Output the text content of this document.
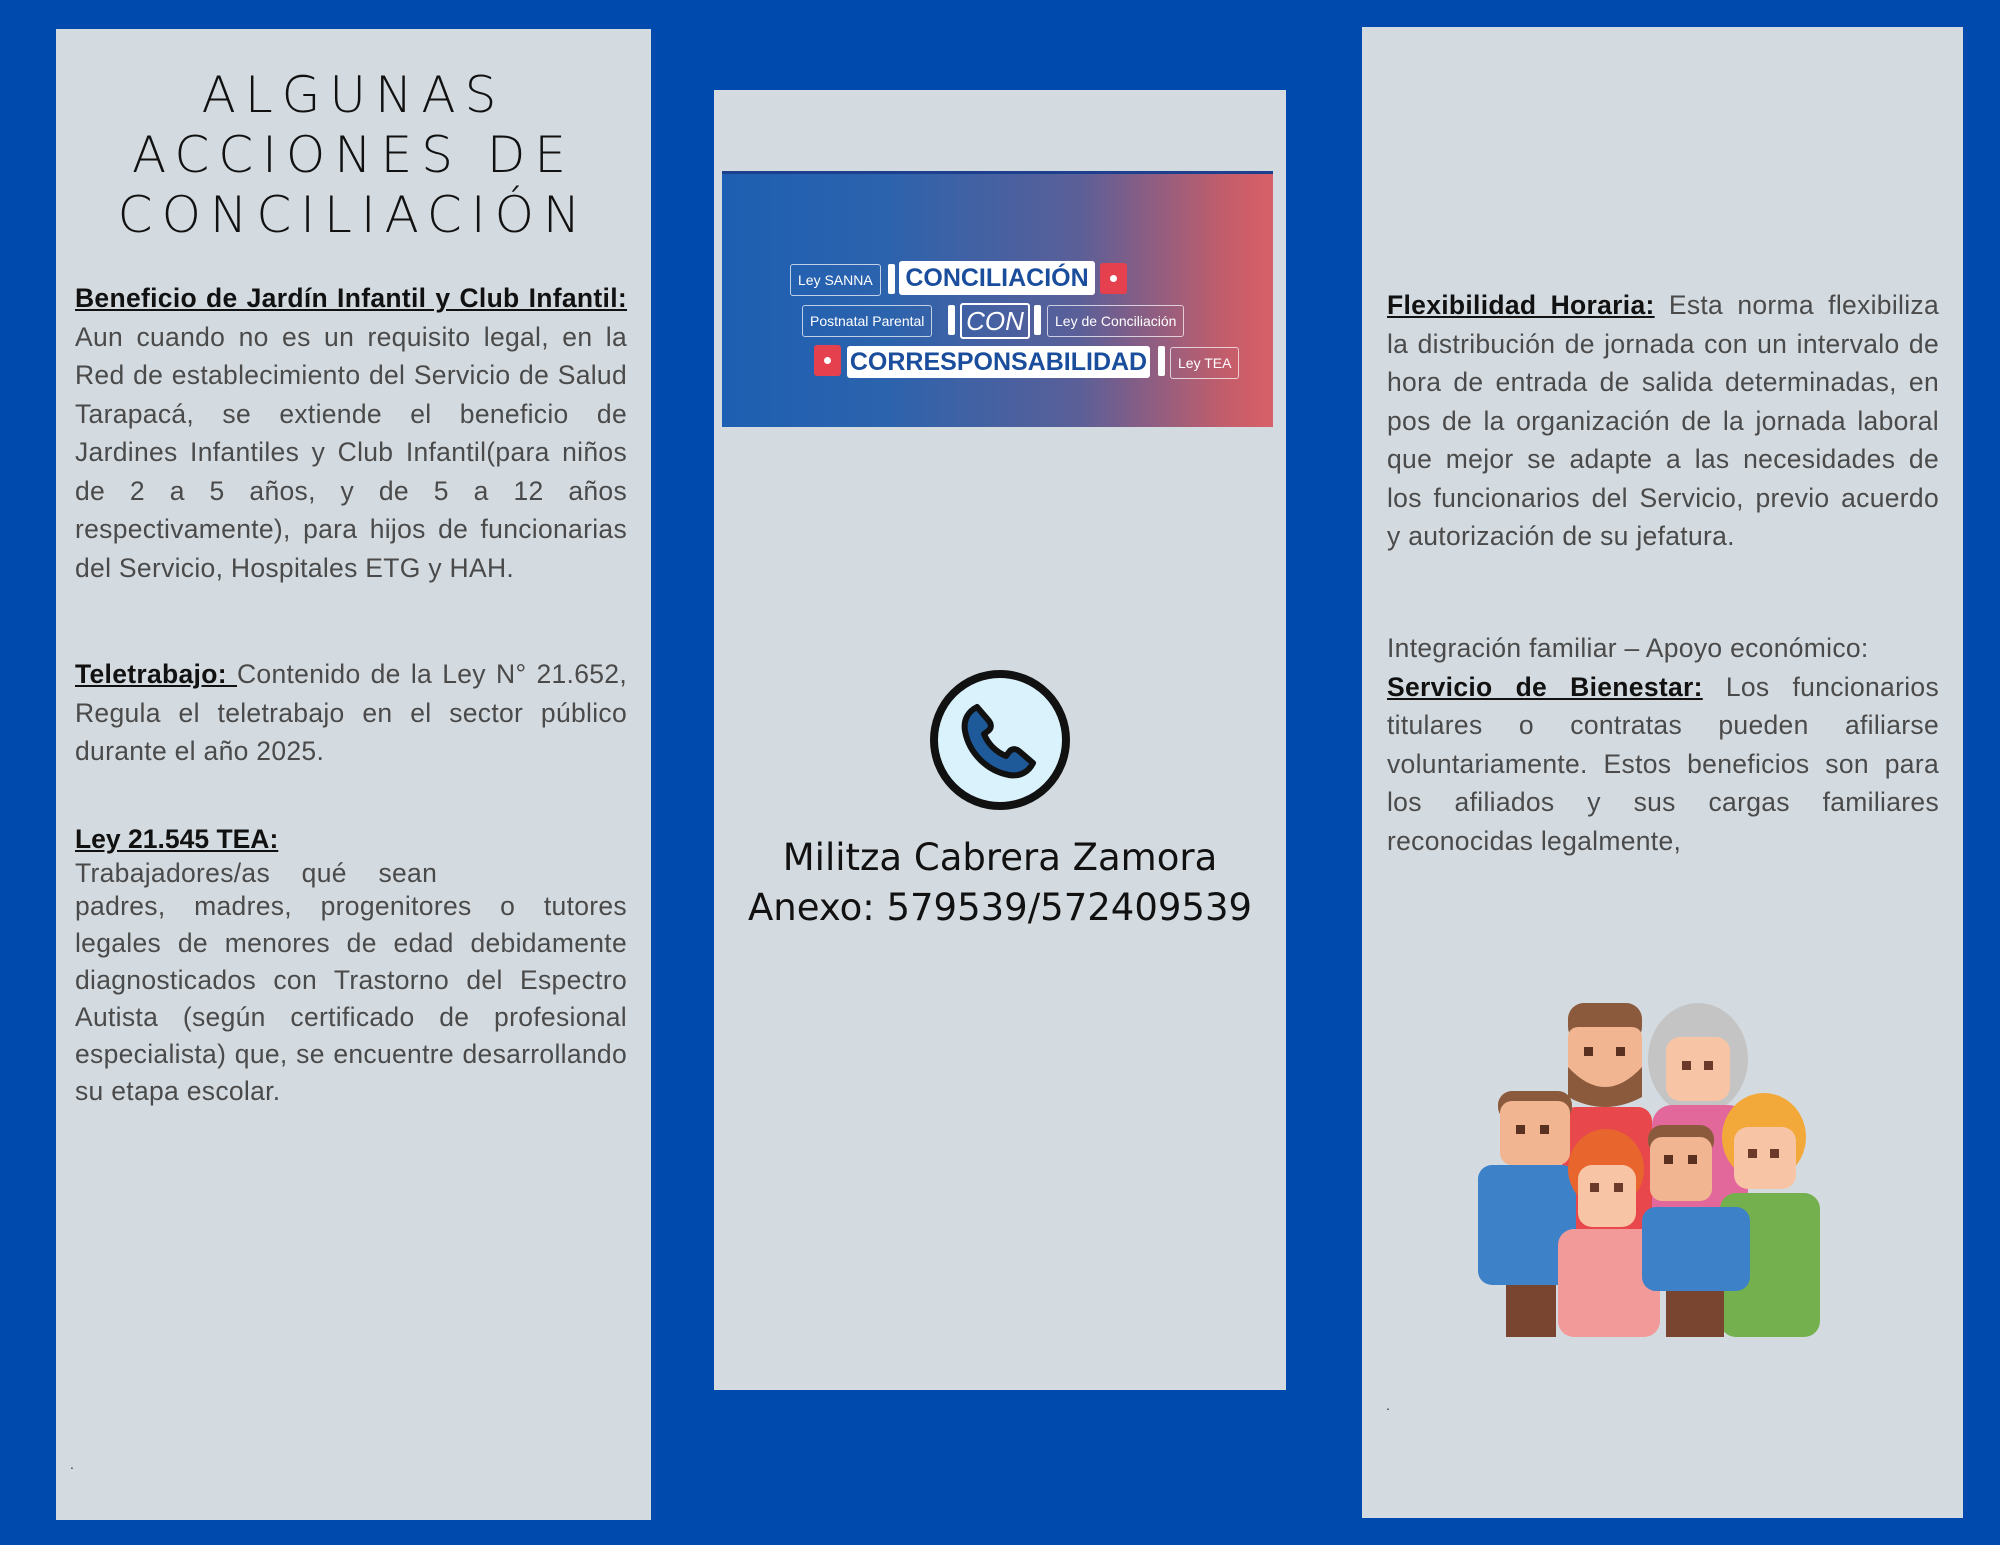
ALGUNAS
ACCIONES DE
CONCILIACIÓN
Beneficio de Jardín Infantil y Club Infantil: Aun cuando no es un requisito legal, en la Red de establecimiento del Servicio de Salud Tarapacá, se extiende el beneficio de Jardines Infantiles y Club Infantil(para niños de 2 a 5 años, y de 5 a 12 años respectivamente), para hijos de funcionarias del Servicio, Hospitales ETG y HAH.
Teletrabajo: Contenido de la Ley N° 21.652, Regula el teletrabajo en el sector público durante el año 2025.
Ley 21.545 TEA:
Trabajadores/as qué sean
padres, madres, progenitores o tutores legales de menores de edad debidamente diagnosticados con Trastorno del Espectro Autista (según certificado de profesional especialista) que, se encuentre desarrollando su etapa escolar.
.
Ley SANNA	CONCILIACIÓN
Postnatal Parental	CON	Ley de Conciliación
CORRESPONSABILIDAD	Ley TEA
Militza Cabrera Zamora
Anexo: 579539/572409539
Flexibilidad Horaria: Esta norma flexibiliza la distribución de jornada con un intervalo de hora de entrada de salida determinadas, en pos de la organización de la jornada laboral que mejor se adapte a las necesidades de los funcionarios del Servicio, previo acuerdo y autorización de su jefatura.
Integración familiar – Apoyo económico:
Servicio de Bienestar: Los funcionarios titulares o contratas pueden afiliarse voluntariamente. Estos beneficios son para los afiliados y sus cargas familiares reconocidas legalmente,
.
